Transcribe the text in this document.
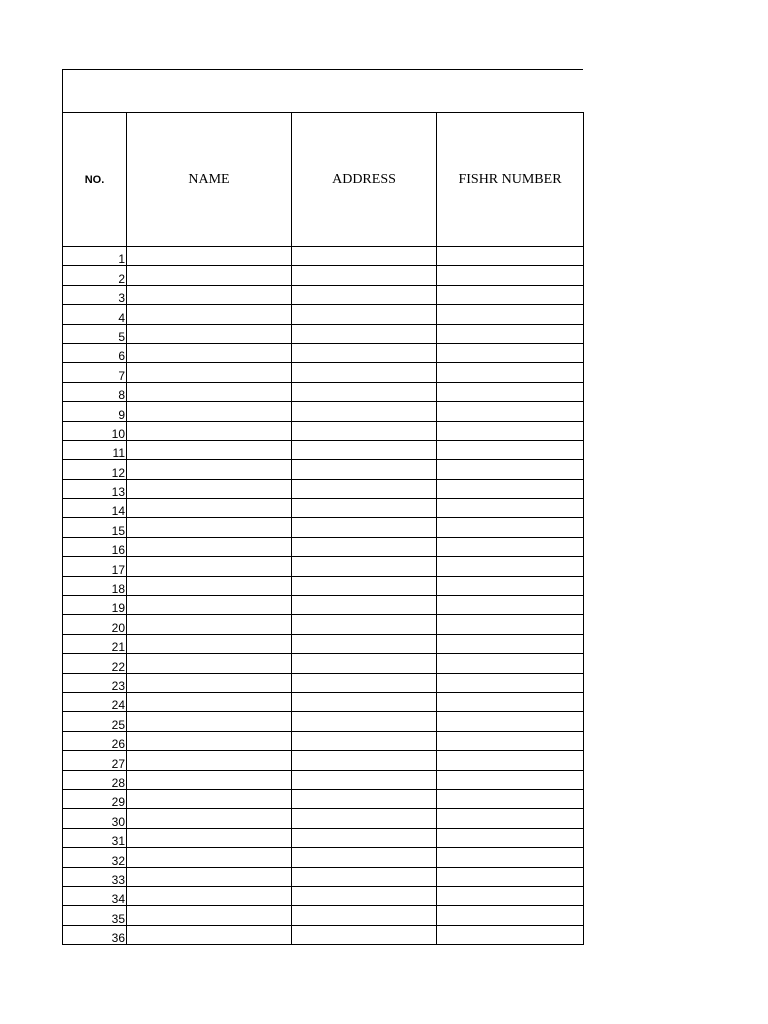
NO.	NAME	ADDRESS	FISHR NUMBER
1			
2			
3			
4			
5			
6			
7			
8			
9			
10			
11			
12			
13			
14			
15			
16			
17			
18			
19			
20			
21			
22			
23			
24			
25			
26			
27			
28			
29			
30			
31			
32			
33			
34			
35			
36			
